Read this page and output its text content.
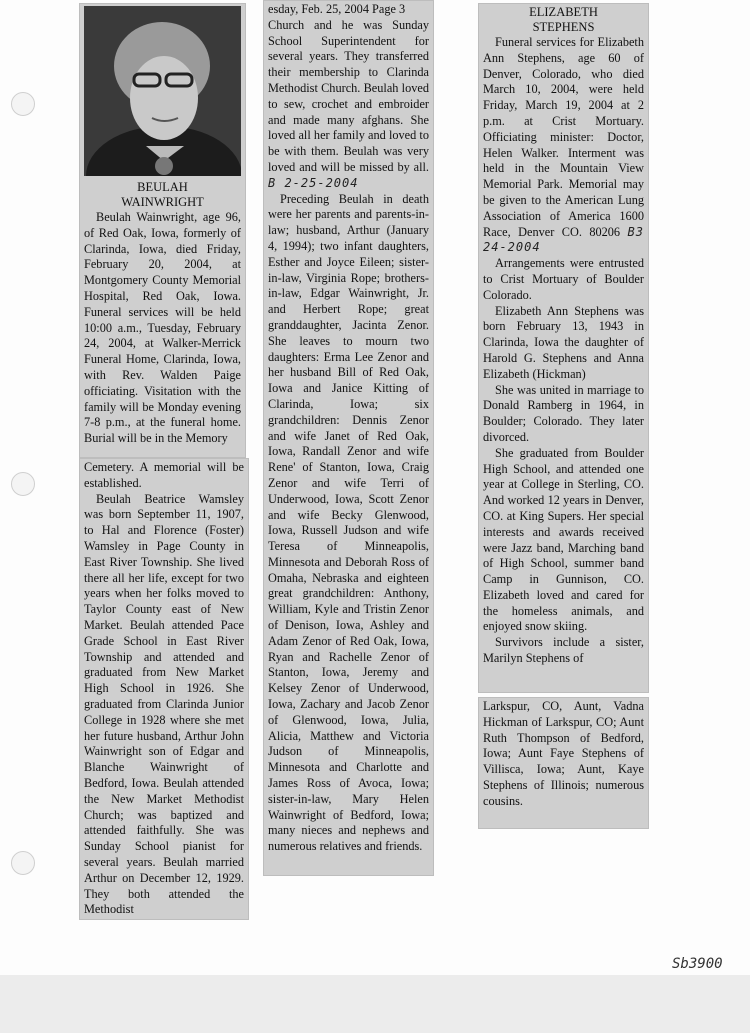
BEULAH

WAINWRIGHT

Beulah Wainwright, age 96, of Red Oak, Iowa, formerly of Clarinda, Iowa, died Friday, February 20, 2004, at Montgomery County Memorial Hospital, Red Oak, Iowa. Funeral services will be held 10:00 a.m., Tuesday, February 24, 2004, at Walker-Merrick Funeral Home, Clarinda, Iowa, with Rev. Walden Paige officiating. Visitation with the family will be Monday evening 7-8 p.m., at the funeral home. Burial will be in the Memory

Cemetery. A memorial will be established.

Beulah Beatrice Wamsley was born September 11, 1907, to Hal and Florence (Foster) Wamsley in Page County in East River Township. She lived there all her life, except for two years when her folks moved to Taylor County east of New Market. Beulah attended Pace Grade School in East River Township and attended and graduated from New Market High School in 1926. She graduated from Clarinda Junior College in 1928 where she met her future husband, Arthur John Wainwright son of Edgar and Blanche Wainwright of Bedford, Iowa. Beulah attended the New Market Methodist Church; was baptized and attended faithfully. She was Sunday School pianist for several years. Beulah married Arthur on December 12, 1929. They both attended the Methodist

esday, Feb. 25, 2004 Page 3

Church and he was Sunday School Superintendent for several years. They transferred their membership to Clarinda Methodist Church. Beulah loved to sew, crochet and embroider and made many afghans. She loved all her family and loved to be with them. Beulah was very loved and will be missed by all. B 2-25-2004

Preceding Beulah in death were her parents and parents-in-law; husband, Arthur (January 4, 1994); two infant daughters, Esther and Joyce Eileen; sister-in-law, Virginia Rope; brothers-in-law, Edgar Wainwright, Jr. and Herbert Rope; great granddaughter, Jacinta Zenor. She leaves to mourn two daughters: Erma Lee Zenor and her husband Bill of Red Oak, Iowa and Janice Kitting of Clarinda, Iowa; six grandchildren: Dennis Zenor and wife Janet of Red Oak, Iowa, Randall Zenor and wife Rene' of Stanton, Iowa, Craig Zenor and wife Terri of Underwood, Iowa, Scott Zenor and wife Becky Glenwood, Iowa, Russell Judson and wife Teresa of Minneapolis, Minnesota and Deborah Ross of Omaha, Nebraska and eighteen great grandchildren: Anthony, William, Kyle and Tristin Zenor of Denison, Iowa, Ashley and Adam Zenor of Red Oak, Iowa, Ryan and Rachelle Zenor of Stanton, Iowa, Jeremy and Kelsey Zenor of Underwood, Iowa, Zachary and Jacob Zenor of Glenwood, Iowa, Julia, Alicia, Matthew and Victoria Judson of Minneapolis, Minnesota and Charlotte and James Ross of Avoca, Iowa; sister-in-law, Mary Helen Wainwright of Bedford, Iowa; many nieces and nephews and numerous relatives and friends.

ELIZABETH

STEPHENS

Funeral services for Elizabeth Ann Stephens, age 60 of Denver, Colorado, who died March 10, 2004, were held Friday, March 19, 2004 at 2 p.m. at Crist Mortuary. Officiating minister: Doctor, Helen Walker. Interment was held in the Mountain View Memorial Park. Memorial may be given to the American Lung Association of America 1600 Race, Denver CO. 80206 B3 24-2004

Arrangements were entrusted to Crist Mortuary of Boulder Colorado.

Elizabeth Ann Stephens was born February 13, 1943 in Clarinda, Iowa the daughter of Harold G. Stephens and Anna Elizabeth (Hickman)

She was united in marriage to Donald Ramberg in 1964, in Boulder; Colorado. They later divorced.

She graduated from Boulder High School, and attended one year at College in Sterling, CO. And worked 12 years in Denver, CO. at King Supers. Her special interests and awards received were Jazz band, Marching band of High School, summer band Camp in Gunnison, CO. Elizabeth loved and cared for the homeless animals, and enjoyed snow skiing.

Survivors include a sister, Marilyn Stephens of

Larkspur, CO, Aunt, Vadna Hickman of Larkspur, CO; Aunt Ruth Thompson of Bedford, Iowa; Aunt Faye Stephens of Villisca, Iowa; Aunt, Kaye Stephens of Illinois; numerous cousins.

Sb3900
